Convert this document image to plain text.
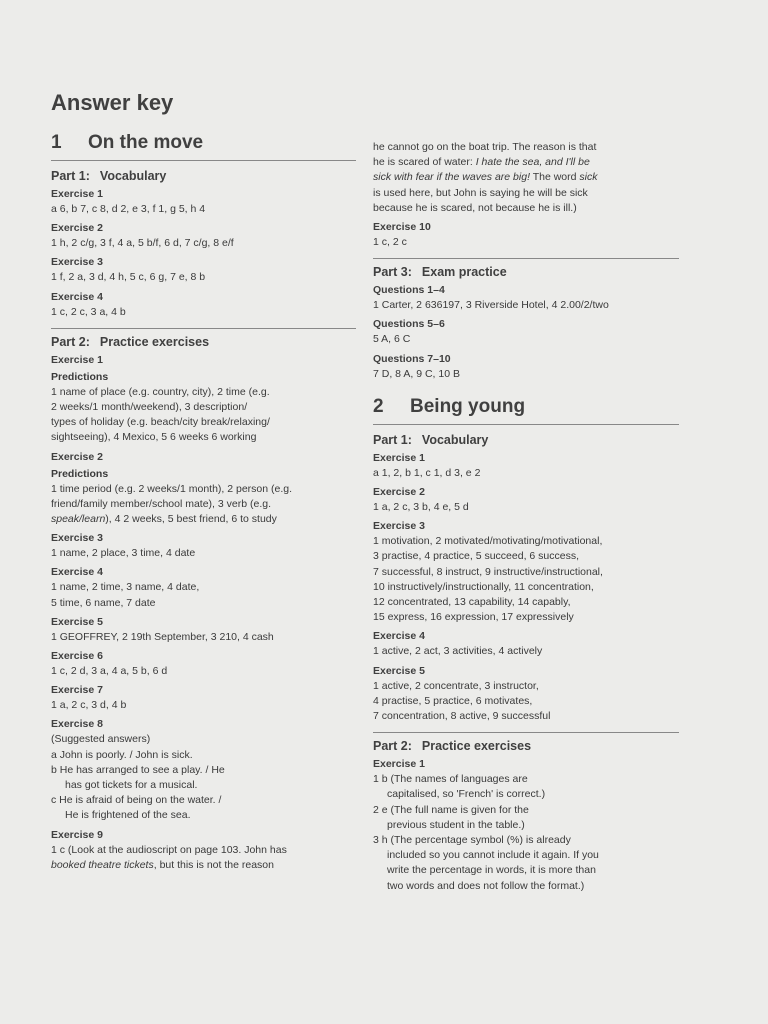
Answer key
1	On the move
Part 1: Vocabulary
Exercise 1
a 6, b 7, c 8, d 2, e 3, f 1, g 5, h 4
Exercise 2
1 h, 2 c/g, 3 f, 4 a, 5 b/f, 6 d, 7 c/g, 8 e/f
Exercise 3
1 f, 2 a, 3 d, 4 h, 5 c, 6 g, 7 e, 8 b
Exercise 4
1 c, 2 c, 3 a, 4 b
Part 2: Practice exercises
Exercise 1
Predictions
1 name of place (e.g. country, city), 2 time (e.g.
2 weeks/1 month/weekend), 3 description/
types of holiday (e.g. beach/city break/relaxing/
sightseeing), 4 Mexico, 5 6 weeks 6 working
Exercise 2
Predictions
1 time period (e.g. 2 weeks/1 month), 2 person (e.g.
friend/family member/school mate), 3 verb (e.g.
speak/learn), 4 2 weeks, 5 best friend, 6 to study
Exercise 3
1 name, 2 place, 3 time, 4 date
Exercise 4
1 name, 2 time, 3 name, 4 date,
5 time, 6 name, 7 date
Exercise 5
1 GEOFFREY, 2 19th September, 3 210, 4 cash
Exercise 6
1 c, 2 d, 3 a, 4 a, 5 b, 6 d
Exercise 7
1 a, 2 c, 3 d, 4 b
Exercise 8
(Suggested answers)
a John is poorly. / John is sick.
b He has arranged to see a play. / He
has got tickets for a musical.
c He is afraid of being on the water. /
He is frightened of the sea.
Exercise 9
1 c (Look at the audioscript on page 103. John has
booked theatre tickets, but this is not the reason
he cannot go on the boat trip. The reason is that
he is scared of water: I hate the sea, and I'll be
sick with fear if the waves are big! The word sick
is used here, but John is saying he will be sick
because he is scared, not because he is ill.)
Exercise 10
1 c, 2 c
Part 3: Exam practice
Questions 1–4
1 Carter, 2 636197, 3 Riverside Hotel, 4 2.00/2/two
Questions 5–6
5 A, 6 C
Questions 7–10
7 D, 8 A, 9 C, 10 B
2	Being young
Part 1: Vocabulary
Exercise 1
a 1, 2, b 1, c 1, d 3, e 2
Exercise 2
1 a, 2 c, 3 b, 4 e, 5 d
Exercise 3
1 motivation, 2 motivated/motivating/motivational,
3 practise, 4 practice, 5 succeed, 6 success,
7 successful, 8 instruct, 9 instructive/instructional,
10 instructively/instructionally, 11 concentration,
12 concentrated, 13 capability, 14 capably,
15 express, 16 expression, 17 expressively
Exercise 4
1 active, 2 act, 3 activities, 4 actively
Exercise 5
1 active, 2 concentrate, 3 instructor,
4 practise, 5 practice, 6 motivates,
7 concentration, 8 active, 9 successful
Part 2: Practice exercises
Exercise 1
1 b (The names of languages are
capitalised, so 'French' is correct.)
2 e (The full name is given for the
previous student in the table.)
3 h (The percentage symbol (%) is already
included so you cannot include it again. If you
write the percentage in words, it is more than
two words and does not follow the format.)
